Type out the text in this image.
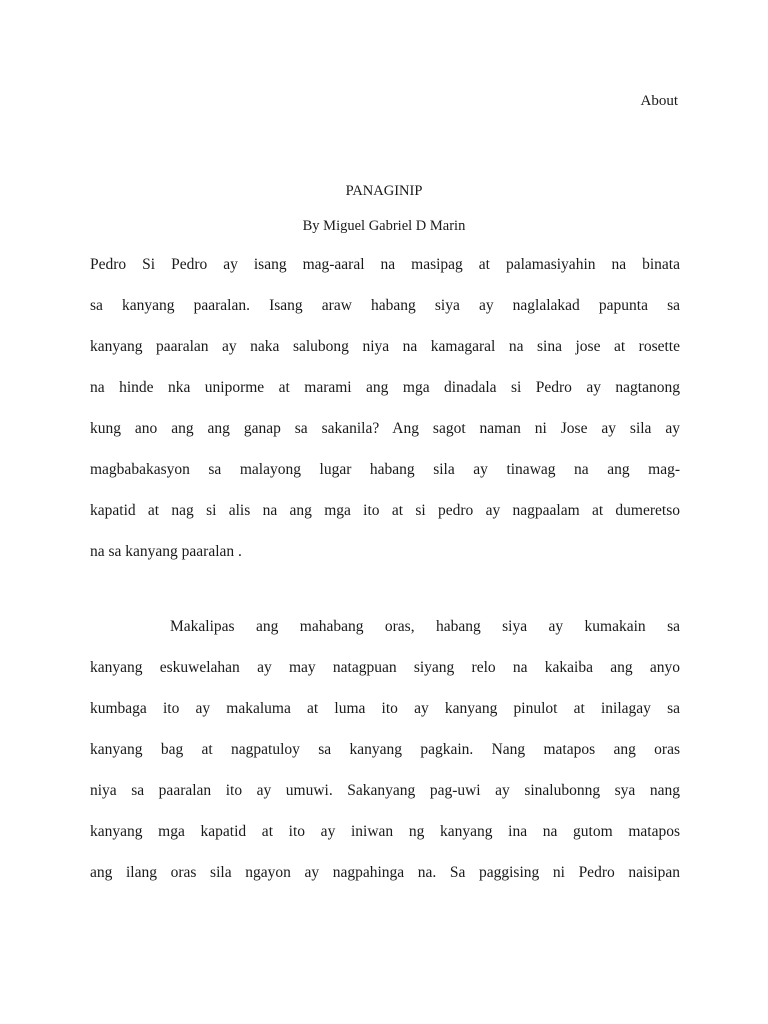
About
PANAGINIP
By Miguel Gabriel D Marin
Pedro Si Pedro ay isang mag-aaral na masipag at palamasiyahin na binata
sa kanyang paaralan. Isang araw habang siya ay naglalakad papunta sa
kanyang paaralan ay naka salubong niya na kamagaral na sina jose at rosette
na hinde nka uniporme at marami ang mga dinadala si Pedro ay nagtanong
kung ano ang ang ganap sa sakanila? Ang sagot naman ni Jose ay sila ay
magbabakasyon sa malayong lugar habang sila ay tinawag na ang mag-
kapatid at nag si alis na ang mga ito at si pedro ay nagpaalam at dumeretso
na sa kanyang paaralan .
Makalipas ang mahabang oras, habang siya ay kumakain sa
kanyang eskuwelahan ay may natagpuan siyang relo na kakaiba ang anyo
kumbaga ito ay makaluma at luma ito ay kanyang pinulot at inilagay sa
kanyang bag at nagpatuloy sa kanyang pagkain. Nang matapos ang oras
niya sa paaralan ito ay umuwi. Sakanyang pag-uwi ay sinalubonng sya nang
kanyang mga kapatid at ito ay iniwan ng kanyang ina na gutom matapos
ang ilang oras sila ngayon ay nagpahinga na. Sa paggising ni Pedro naisipan
